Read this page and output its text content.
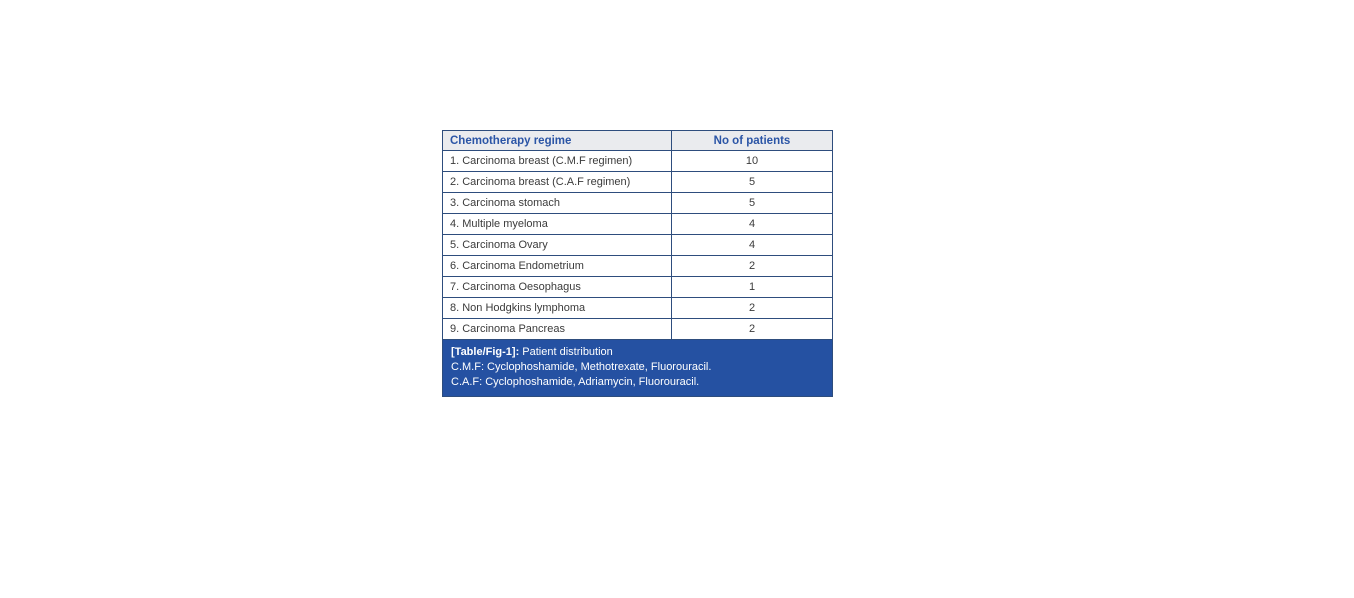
Chemotherapy regime	No of patients
1. Carcinoma breast (C.M.F regimen)	10
2. Carcinoma breast (C.A.F regimen)	5
3. Carcinoma stomach	5
4. Multiple myeloma	4
5. Carcinoma Ovary	4
6. Carcinoma Endometrium	2
7. Carcinoma Oesophagus	1
8. Non Hodgkins lymphoma	2
9. Carcinoma Pancreas	2
[Table/Fig-1]: Patient distribution
C.M.F: Cyclophoshamide, Methotrexate, Fluorouracil.
C.A.F: Cyclophoshamide, Adriamycin, Fluorouracil.
